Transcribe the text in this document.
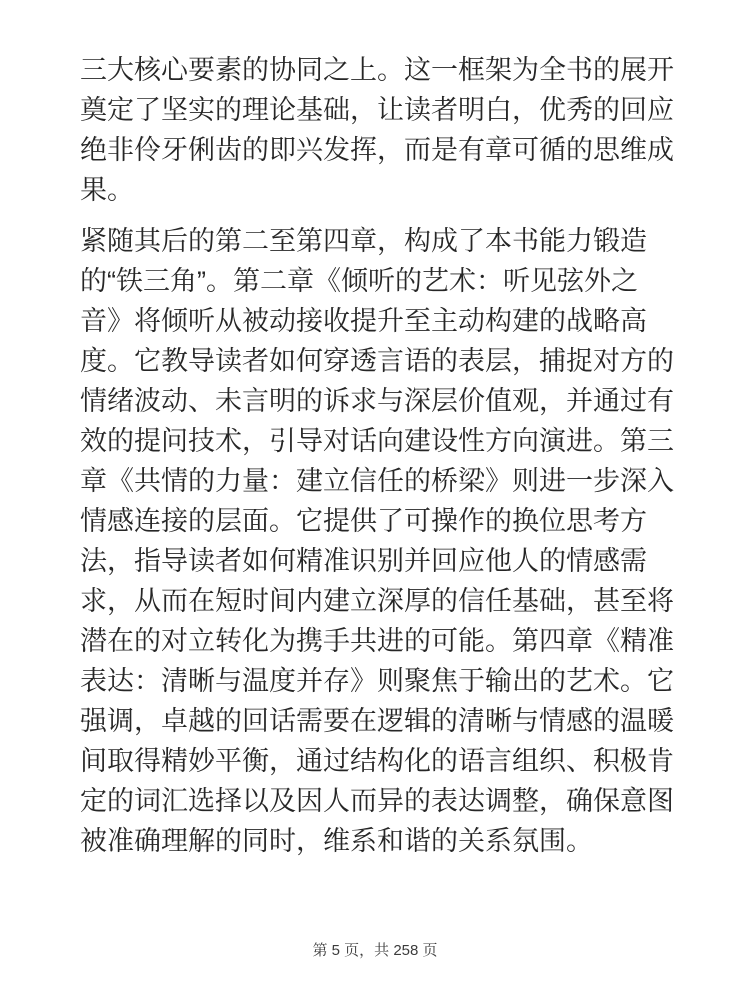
三大核心要素的协同之上。这一框架为全书的展开
奠定了坚实的理论基础，让读者明白，优秀的回应
绝非伶牙俐齿的即兴发挥，而是有章可循的思维成
果。
紧随其后的第二至第四章，构成了本书能力锻造
的“铁三角”。第二章《倾听的艺术：听见弦外之
音》将倾听从被动接收提升至主动构建的战略高
度。它教导读者如何穿透言语的表层，捕捉对方的
情绪波动、未言明的诉求与深层价值观，并通过有
效的提问技术，引导对话向建设性方向演进。第三
章《共情的力量：建立信任的桥梁》则进一步深入
情感连接的层面。它提供了可操作的换位思考方
法，指导读者如何精准识别并回应他人的情感需
求，从而在短时间内建立深厚的信任基础，甚至将
潜在的对立转化为携手共进的可能。第四章《精准
表达：清晰与温度并存》则聚焦于输出的艺术。它
强调，卓越的回话需要在逻辑的清晰与情感的温暖
间取得精妙平衡，通过结构化的语言组织、积极肯
定的词汇选择以及因人而异的表达调整，确保意图
被准确理解的同时，维系和谐的关系氛围。
第 5 页，共 258 页
